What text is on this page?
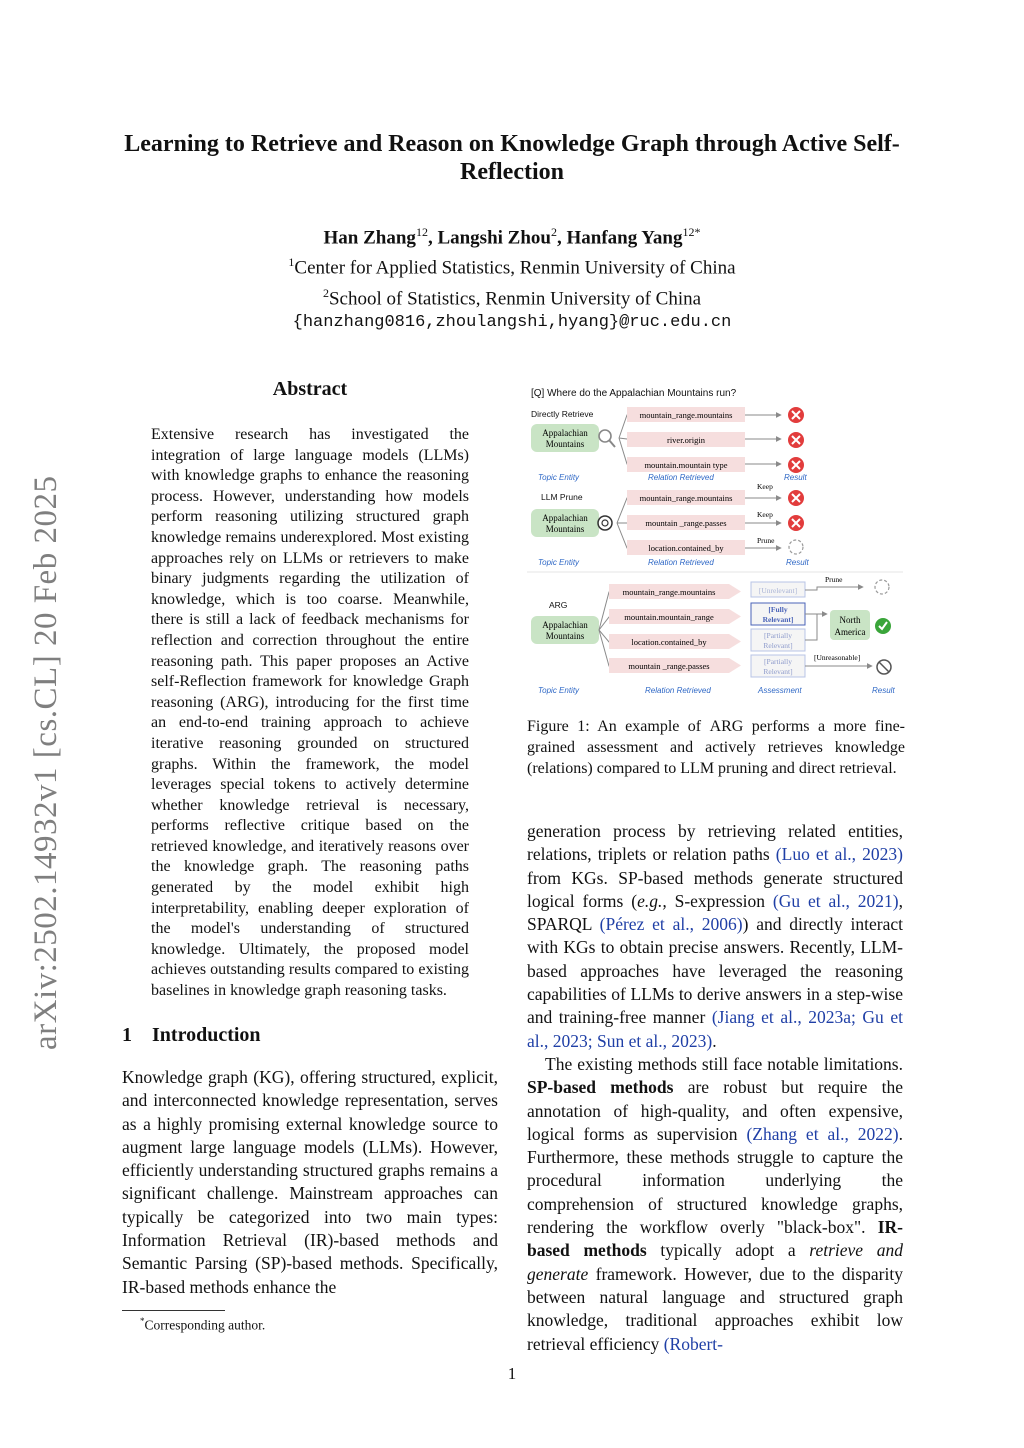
arXiv:2502.14932v1 [cs.CL] 20 Feb 2025
Learning to Retrieve and Reason on Knowledge Graph through Active Self-Reflection
Han Zhang$^{12}$, Langshi Zhou$^2$, Hanfang Yang$^{12*}$
$^1$Center for Applied Statistics, Renmin University of China
$^2$School of Statistics, Renmin University of China
{hanzhang0816,zhoulangshi,hyang}@ruc.edu.cn
Abstract
Extensive research has investigated the integration of large language models (LLMs) with knowledge graphs to enhance the reasoning process. However, understanding how models perform reasoning utilizing structured graph knowledge remains underexplored. Most existing approaches rely on LLMs or retrievers to make binary judgments regarding the utilization of knowledge, which is too coarse. Meanwhile, there is still a lack of feedback mechanisms for reflection and correction throughout the entire reasoning path. This paper proposes an Active self-Reflection framework for knowledge Graph reasoning (ARG), introducing for the first time an end-to-end training approach to achieve iterative reasoning grounded on structured graphs. Within the framework, the model leverages special tokens to actively determine whether knowledge retrieval is necessary, performs reflective critique based on the retrieved knowledge, and iteratively reasons over the knowledge graph. The reasoning paths generated by the model exhibit high interpretability, enabling deeper exploration of the model's understanding of structured knowledge. Ultimately, the proposed model achieves outstanding results compared to existing baselines in knowledge graph reasoning tasks.
1 Introduction
Knowledge graph (KG), offering structured, explicit, and interconnected knowledge representation, serves as a highly promising external knowledge source to augment large language models (LLMs). However, efficiently understanding structured graphs remains a significant challenge. Mainstream approaches can typically be categorized into two main types: Information Retrieval (IR)-based methods and Semantic Parsing (SP)-based methods. Specifically, IR-based methods enhance the
*Corresponding author.
[Q] Where do the Appalachian Mountains run?
Directly Retrieve
Appalachian
Mountains
mountain_range.mountains
river.origin
mountain.mountain type
Topic Entity	Relation Retrieved	Result
LLM Prune
Appalachian
Mountains
mountain_range.mountains
mountain _range.passes
location.contained_by
Keep
Keep
Prune
Topic Entity	Relation Retrieved	Result
ARG
Appalachian
Mountains
mountain_range.mountains
mountain.mountain_range
location.contained_by
mountain _range.passes
[Unrelevant]
[Fully
Relevant]
[Partially
Relevant]
[Partially
Relevant]
Prune
North
America
[Unreasonable]
Topic Entity	Relation Retrieved	Assessment	Result
Figure 1: An example of ARG performs a more fine-grained assessment and actively retrieves knowledge (relations) compared to LLM pruning and direct retrieval.

generation process by retrieving related entities, relations, triplets or relation paths (Luo et al., 2023) from KGs. SP-based methods generate structured logical forms (e.g., S-expression (Gu et al., 2021), SPARQL (Pérez et al., 2006)) and directly interact with KGs to obtain precise answers. Recently, LLM-based approaches have leveraged the reasoning capabilities of LLMs to derive answers in a step-wise and training-free manner (Jiang et al., 2023a; Gu et al., 2023; Sun et al., 2023).

The existing methods still face notable limitations. SP-based methods are robust but require the annotation of high-quality, and often expensive, logical forms as supervision (Zhang et al., 2022). Furthermore, these methods struggle to capture the procedural information underlying the comprehension of structured knowledge graphs, rendering the workflow overly "black-box". IR-based methods typically adopt a retrieve and generate framework. However, due to the disparity between natural language and structured graph knowledge, traditional approaches exhibit low retrieval efficiency (Robert-

1
